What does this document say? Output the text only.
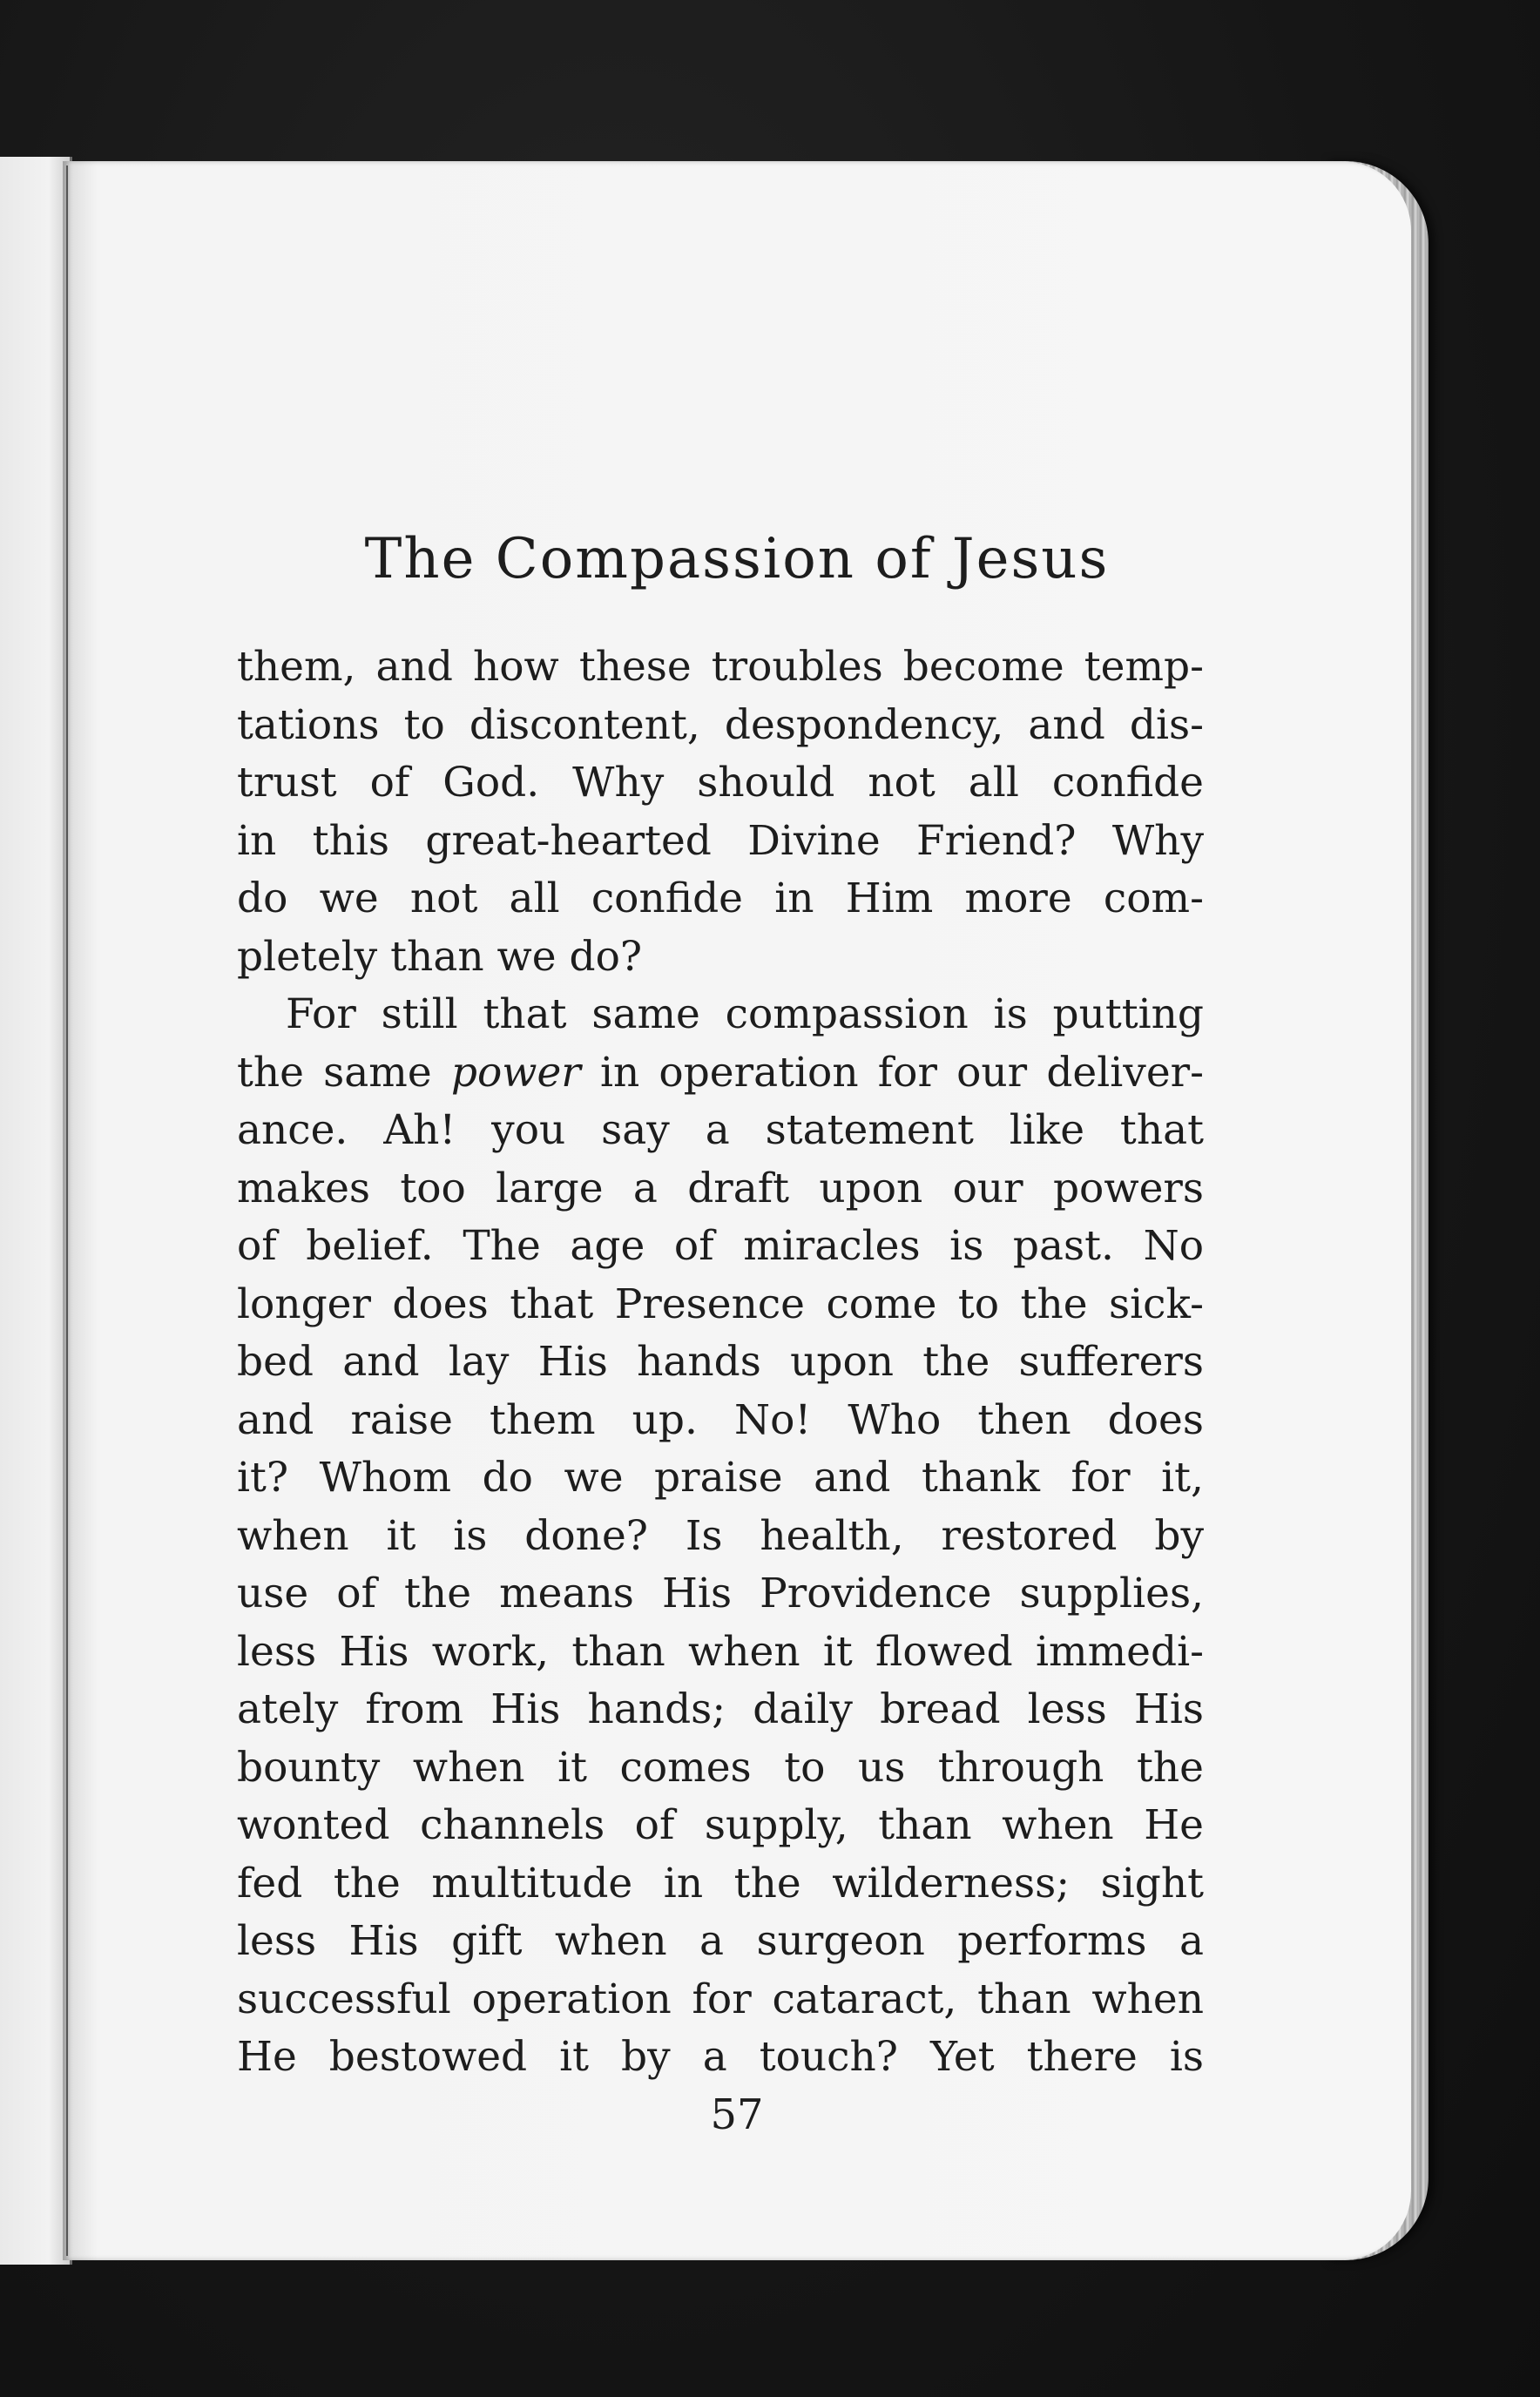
The Compassion of Jesus
them, and how these troubles become temp-
tations to discontent, despondency, and dis-
trust of God. Why should not all confide
in this great-hearted Divine Friend? Why
do we not all confide in Him more com-
pletely than we do?
For still that same compassion is putting
the same power in operation for our deliver-
ance. Ah! you say a statement like that
makes too large a draft upon our powers
of belief. The age of miracles is past. No
longer does that Presence come to the sick-
bed and lay His hands upon the sufferers
and raise them up. No! Who then does
it? Whom do we praise and thank for it,
when it is done? Is health, restored by
use of the means His Providence supplies,
less His work, than when it flowed immedi-
ately from His hands; daily bread less His
bounty when it comes to us through the
wonted channels of supply, than when He
fed the multitude in the wilderness; sight
less His gift when a surgeon performs a
successful operation for cataract, than when
He bestowed it by a touch? Yet there is
57
